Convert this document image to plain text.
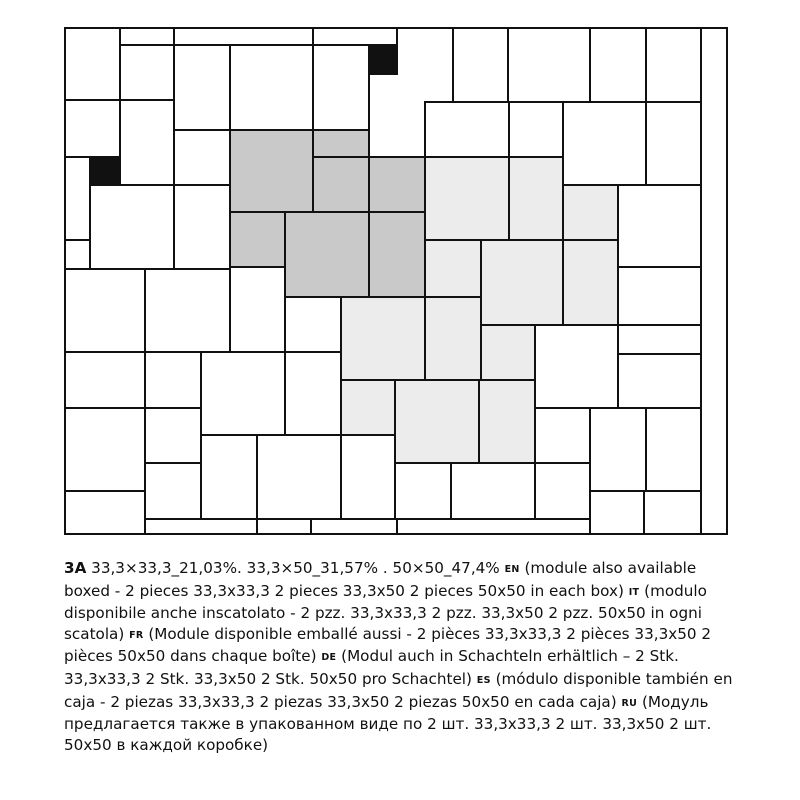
3A 33,3×33,3_21,03%. 33,3×50_31,57% . 50×50_47,4% EN (module also available boxed - 2 pieces 33,3x33,3 2 pieces 33,3x50 2 pieces 50x50 in each box) IT (modulo disponibile anche inscatolato - 2 pzz. 33,3x33,3 2 pzz. 33,3x50 2 pzz. 50x50 in ogni scatola) FR (Module disponible emballé aussi - 2 pièces 33,3x33,3 2 pièces 33,3x50 2 pièces 50x50 dans chaque boîte) DE (Modul auch in Schachteln erhältlich – 2 Stk. 33,3x33,3 2 Stk. 33,3x50 2 Stk. 50x50 pro Schachtel) ES (módulo disponible también en caja - 2 piezas 33,3x33,3 2 piezas 33,3x50 2 piezas 50x50 en cada caja) RU (Модуль предлагается также в упакованном виде по 2 шт. 33,3x33,3 2 шт. 33,3x50 2 шт. 50x50 в каждой коробке)
